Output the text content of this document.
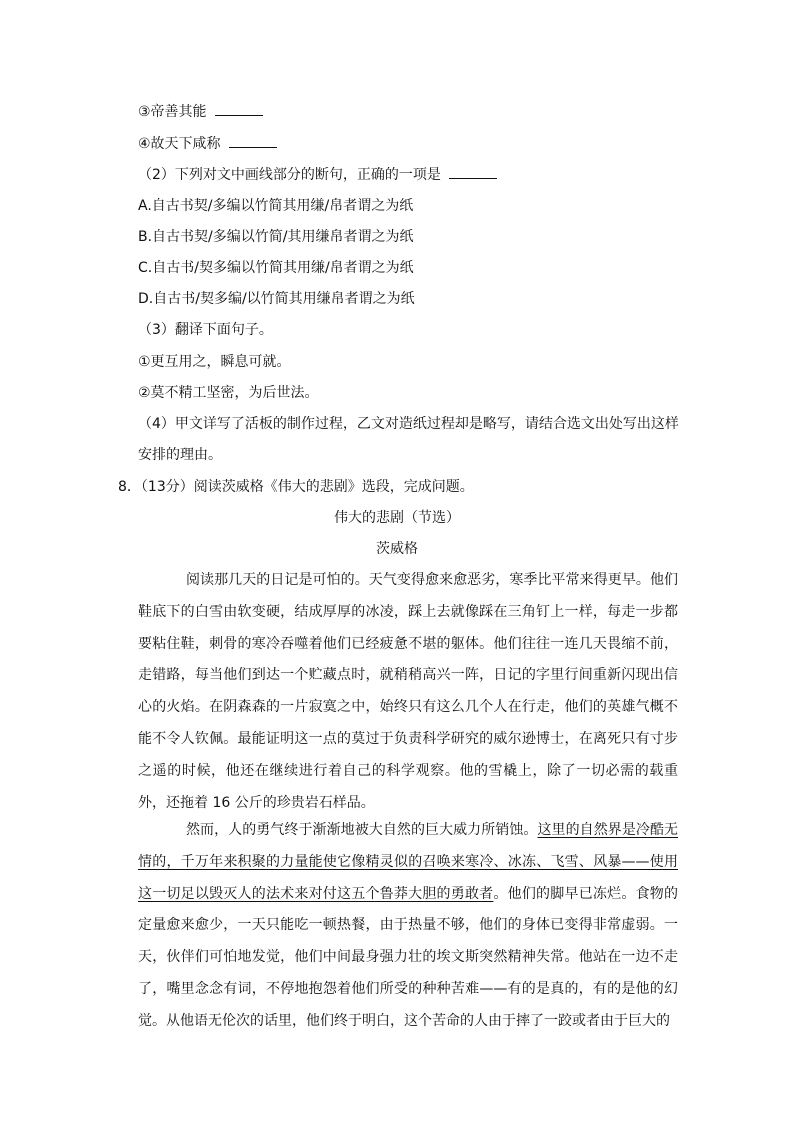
③帝善其能
④故天下咸称
（2）下列对文中画线部分的断句，正确的一项是
A.自古书契/多编以竹简其用缣/帛者谓之为纸
B.自古书契/多编以竹简/其用缣帛者谓之为纸
C.自古书/契多编以竹简其用缣/帛者谓之为纸
D.自古书/契多编/以竹简其用缣帛者谓之为纸
（3）翻译下面句子。
①更互用之，瞬息可就。
②莫不精工坚密，为后世法。
（4）甲文详写了活板的制作过程，乙文对造纸过程却是略写，请结合选文出处写出这样
安排的理由。
8．（13分）阅读茨威格《伟大的悲剧》选段，完成问题。
伟大的悲剧（节选）
茨威格

阅读那几天的日记是可怕的。天气变得愈来愈恶劣，寒季比平常来得更早。他们鞋底下的白雪由软变硬，结成厚厚的冰凌，踩上去就像踩在三角钉上一样，每走一步都要粘住鞋，刺骨的寒冷吞噬着他们已经疲惫不堪的躯体。他们往往一连几天畏缩不前，走错路，每当他们到达一个贮藏点时，就稍稍高兴一阵，日记的字里行间重新闪现出信心的火焰。在阴森森的一片寂寞之中，始终只有这么几个人在行走，他们的英雄气概不能不令人钦佩。最能证明这一点的莫过于负责科学研究的威尔逊博士，在离死只有寸步之遥的时候，他还在继续进行着自己的科学观察。他的雪橇上，除了一切必需的载重外，还拖着 16 公斤的珍贵岩石样品。

然而，人的勇气终于渐渐地被大自然的巨大威力所销蚀。这里的自然界是冷酷无情的，千万年来积聚的力量能使它像精灵似的召唤来寒冷、冰冻、飞雪、风暴——使用这一切足以毁灭人的法术来对付这五个鲁莽大胆的勇敢者。他们的脚早已冻烂。食物的定量愈来愈少，一天只能吃一顿热餐，由于热量不够，他们的身体已变得非常虚弱。一天，伙伴们可怕地发觉，他们中间最身强力壮的埃文斯突然精神失常。他站在一边不走了，嘴里念念有词，不停地抱怨着他们所受的种种苦难——有的是真的，有的是他的幻觉。从他语无伦次的话里，他们终于明白，这个苦命的人由于摔了一跤或者由于巨大的
